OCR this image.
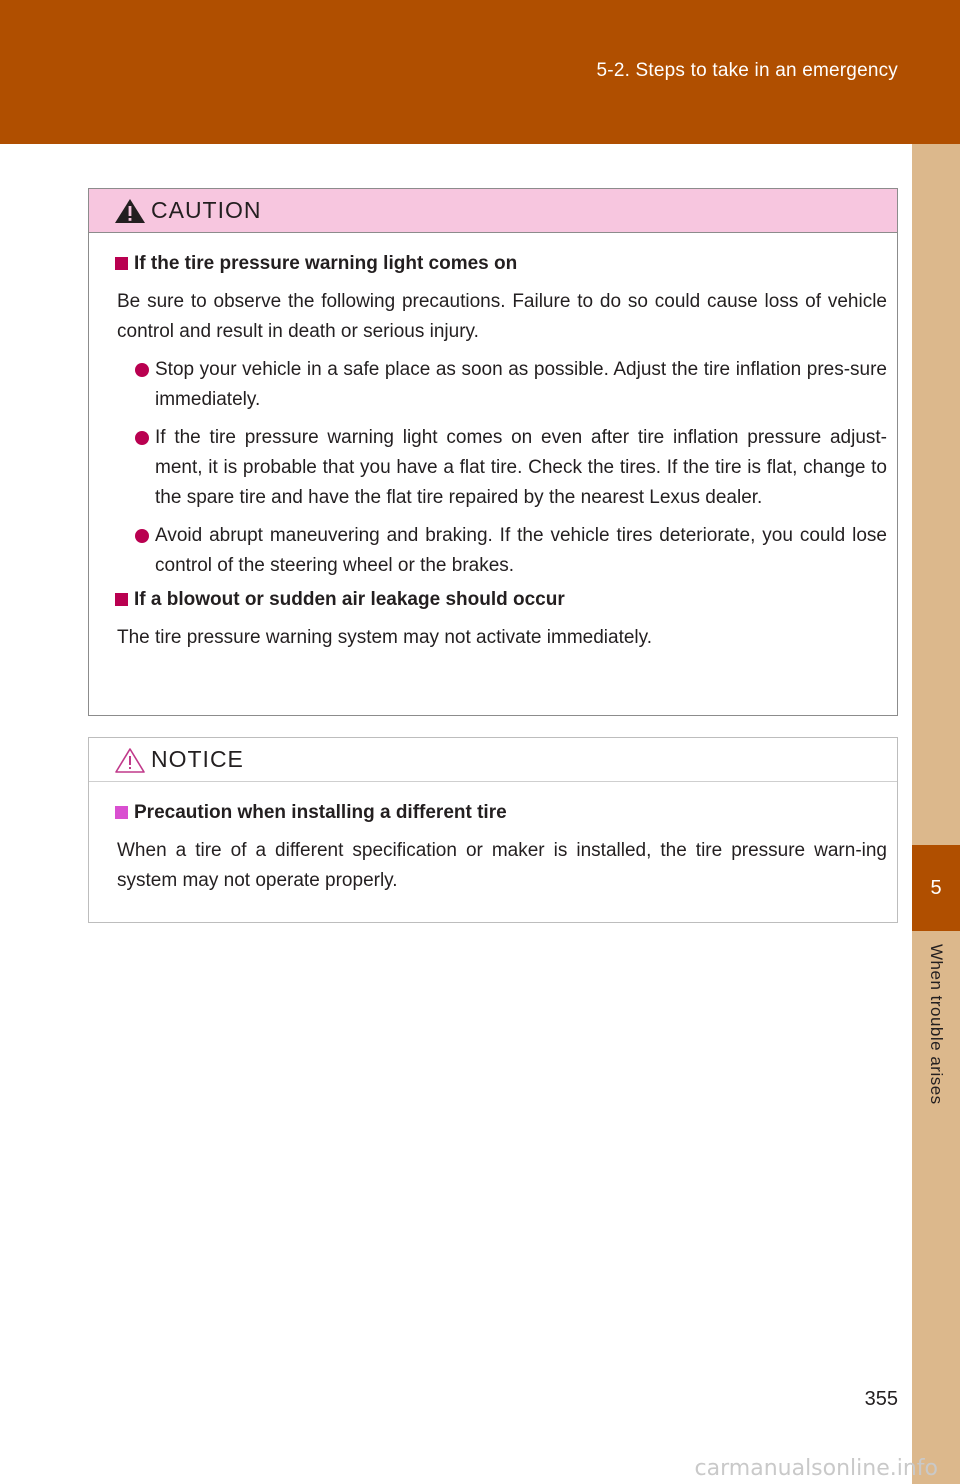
5-2. Steps to take in an emergency
5
When trouble arises
CAUTION
If the tire pressure warning light comes on

Be sure to observe the following precautions. Failure to do so could cause loss of vehicle control and result in death or serious injury.

Stop your vehicle in a safe place as soon as possible. Adjust the tire inflation pres-sure immediately.
If the tire pressure warning light comes on even after tire inflation pressure adjust-ment, it is probable that you have a flat tire. Check the tires. If the tire is flat, change to the spare tire and have the flat tire repaired by the nearest Lexus dealer.
Avoid abrupt maneuvering and braking. If the vehicle tires deteriorate, you could lose control of the steering wheel or the brakes.
If a blowout or sudden air leakage should occur

The tire pressure warning system may not activate immediately.

NOTICE
Precaution when installing a different tire

When a tire of a different specification or maker is installed, the tire pressure warn-ing system may not operate properly.

355
carmanualsonline.info
